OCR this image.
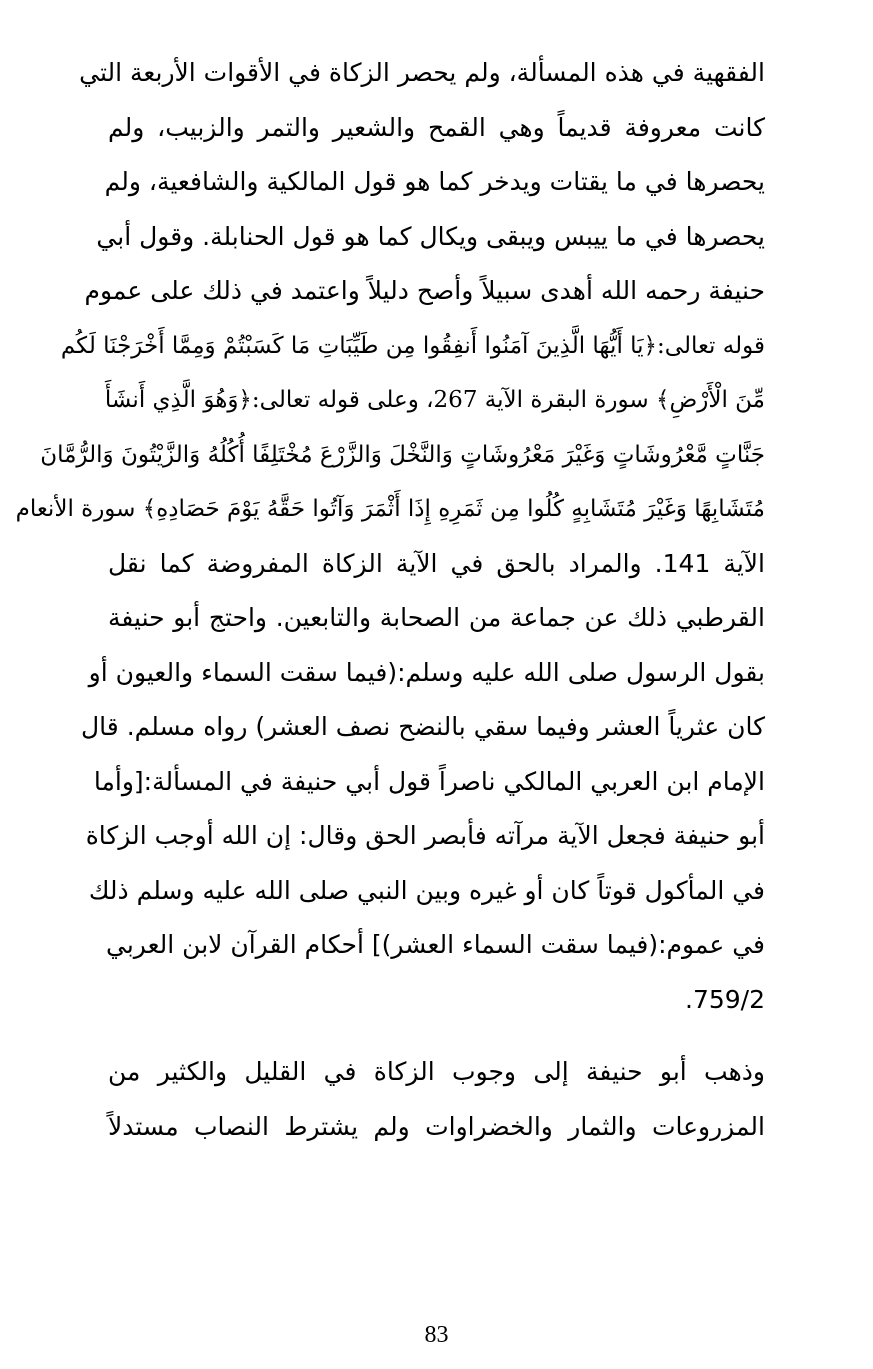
الفقهية في هذه المسألة، ولم يحصر الزكاة في الأقوات الأربعة التي
كانت معروفة قديماً وهي القمح والشعير والتمر والزبيب، ولم
يحصرها في ما يقتات ويدخر كما هو قول المالكية والشافعية، ولم
يحصرها في ما ييبس ويبقى ويكال كما هو قول الحنابلة. وقول أبي
حنيفة رحمه الله أهدى سبيلاً وأصح دليلاً واعتمد في ذلك على عموم
قوله تعالى:﴿يَا أَيُّهَا الَّذِينَ آمَنُوا أَنفِقُوا مِن طَيِّبَاتِ مَا كَسَبْتُمْ وَمِمَّا أَخْرَجْنَا لَكُم
مِّنَ الْأَرْضِ﴾ سورة البقرة الآية 267، وعلى قوله تعالى:﴿وَهُوَ الَّذِي أَنشَأَ
جَنَّاتٍ مَّعْرُوشَاتٍ وَغَيْرَ مَعْرُوشَاتٍ وَالنَّخْلَ وَالزَّرْعَ مُخْتَلِفًا أُكُلُهُ وَالزَّيْتُونَ وَالرُّمَّانَ
مُتَشَابِهًا وَغَيْرَ مُتَشَابِهٍ كُلُوا مِن ثَمَرِهِ إِذَا أَثْمَرَ وَآتُوا حَقَّهُ يَوْمَ حَصَادِهِ﴾ سورة الأنعام
الآية 141. والمراد بالحق في الآية الزكاة المفروضة كما نقل
القرطبي ذلك عن جماعة من الصحابة والتابعين. واحتج أبو حنيفة
بقول الرسول صلى الله عليه وسلم:(فيما سقت السماء والعيون أو
كان عثرياً العشر وفيما سقي بالنضح نصف العشر) رواه مسلم. قال
الإمام ابن العربي المالكي ناصراً قول أبي حنيفة في المسألة:[وأما
أبو حنيفة فجعل الآية مرآته فأبصر الحق وقال: إن الله أوجب الزكاة
في المأكول قوتاً كان أو غيره وبين النبي صلى الله عليه وسلم ذلك
في عموم:(فيما سقت السماء العشر)] أحكام القرآن لابن العربي
759/2.
وذهب أبو حنيفة إلى وجوب الزكاة في القليل والكثير من
المزروعات والثمار والخضراوات ولم يشترط النصاب مستدلاً
83
